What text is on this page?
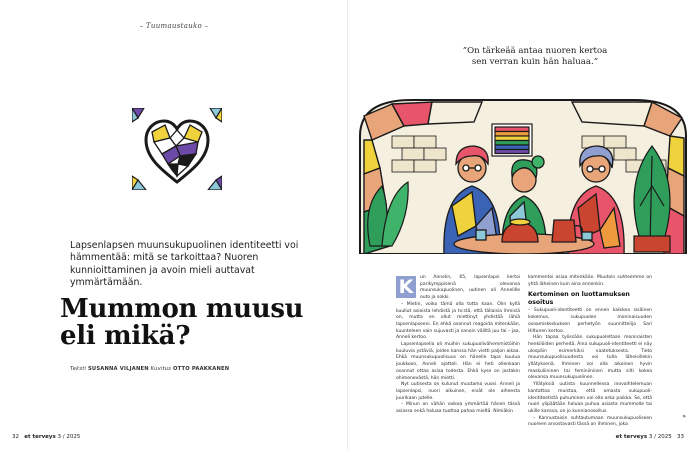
– Tuumaustauko –
Lapsenlapsen muunsukupuolinen identiteetti voi hämmentää: mitä se tarkoittaa? Nuoren kunnioittaminen ja avoin mieli auttavat ymmärtämään.
Mummon muusu
eli mikä?
Teksti SUSANNA VILJANEN Kuvitus OTTO PAAKKANEN
32 et terveys 3 / 2025
”On tärkeää antaa nuoren kertoa
sen verran kuin hän haluaa.”

K	un Annelin, 65, lapsenlapsi kertoi parikymppisenä olevansa muunsukupuolinen, uutinen oli Annelille outo ja sokki.

– Mietin, voiko tämä olla totta kaan. Olin kyllä kuullut asioista lehdistä ja tv:stä, että tällaisia ihmisiä on, mutta en ollut miettinyt yhdistää lähiä lapsenlapseeni. En ehkä osannut reagoida mitenkään, kuunteleen vain sujuvasti ja sanoin väliltä juu tai – jaa, Anneli kertoo.

Lapsenlapsella oli muihin sukupuolivähemmistöihin kuuluvia ystäviä, joiden kanssa hän vietti paljon aikaa. Ehkä muunsukupuolisuus on hänelle tapa kuulua joukkoon, Anneli ajatteli. Hän ei heti ollenkaan osannut ottaa asiaa todesta. Ehkä kyse on jostakin ohimenevästä, hän mietti.

Nyt uutisesta on kulunut muutama vuosi. Anneli ja lapsenlapsi, nuori aikuinen, eivät ole aiheesta juurikaan jutelle.

– Minun on vähän vaikea ymmärtää hänen tässä asiassa enkä haluaa tuottaa pahaa mieltä. Nimiäkin

kommentoi asiaa mitenkään. Muutoin suhteemme on yhtä läheinen kuin aina ennenkin.

Kertominen on luottamuksen osoitus

– Sukupuoli-identiteetti on ennen kaikkea sisäinen kokemus, sukupuolen moninaisuuden osaamiskeskuksen perhetyön suunnittelija Sari Hiltunen kertoo.

Hän tapaa työssään sukupuoleltaan moninaisten henkilöiden perheitä. Aina sukupuoli-identiteetti ei näy ulospäin esimerkiksi vaatetuksesta. Tieto muunsukupuolisuudesta voi tulla läheisillekin yllätyksenä. Ihminen voi olla aikoinen hyvin maskuliininen tai feminiininen mutta silti kokea olevansa muunsukupuolinen.

Yllätyksiä uutista kuunnellessa inovaihtelemuan kantattaa muistaa, että omasta sukupuoli-identiteetistä puhuminen voi olla arka paikka. Se, että nuori ylipäätään haluaa puhua asiasta mummolle tai ukille kanssa, on jo kunnianosoitus.

– Kannustaisin suhtautumaan muunsukupuoliseen nuoreen arvostavasti tässä on ihminen, joka

»
et terveys 3 / 2025 33
